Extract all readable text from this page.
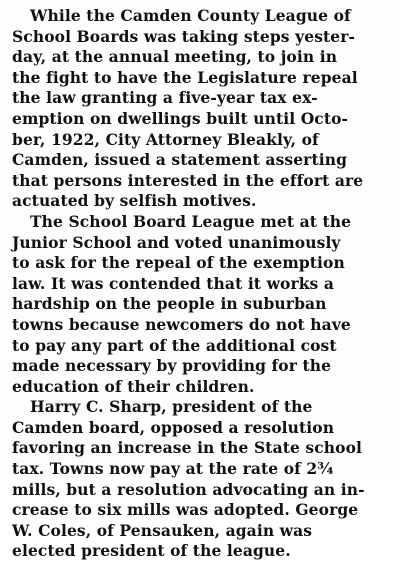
While the Camden County League of
School Boards was taking steps yester-
day, at the annual meeting, to join in
the fight to have the Legislature repeal
the law granting a five-year tax ex-
emption on dwellings built until Octo-
ber, 1922, City Attorney Bleakly, of
Camden, issued a statement asserting
that persons interested in the effort are
actuated by selfish motives.
The School Board League met at the
Junior School and voted unanimously
to ask for the repeal of the exemption
law. It was contended that it works a
hardship on the people in suburban
towns because newcomers do not have
to pay any part of the additional cost
made necessary by providing for the
education of their children.
Harry C. Sharp, president of the
Camden board, opposed a resolution
favoring an increase in the State school
tax. Towns now pay at the rate of 2¾
mills, but a resolution advocating an in-
crease to six mills was adopted. George
W. Coles, of Pensauken, again was
elected president of the league.
